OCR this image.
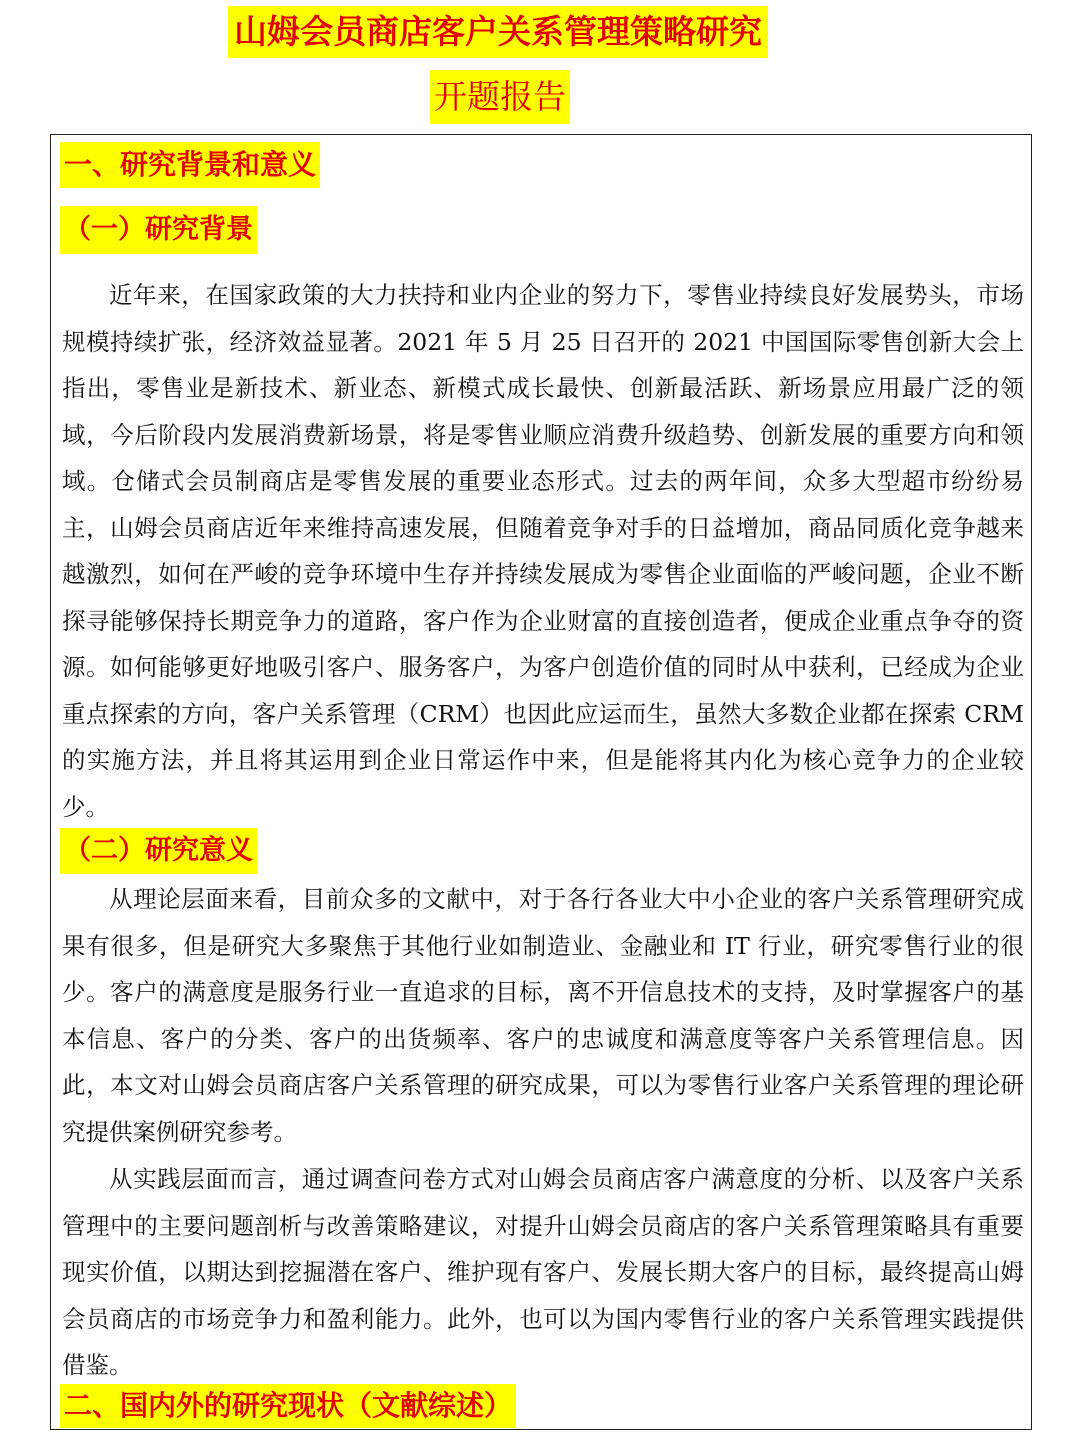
山姆会员商店客户关系管理策略研究
开题报告
一、研究背景和意义
（一）研究背景

近年来，在国家政策的大力扶持和业内企业的努力下，零售业持续良好发展势头，市场规模持续扩张，经济效益显著。2021 年 5 月 25 日召开的 2021 中国国际零售创新大会上指出，零售业是新技术、新业态、新模式成长最快、创新最活跃、新场景应用最广泛的领域，今后阶段内发展消费新场景，将是零售业顺应消费升级趋势、创新发展的重要方向和领域。仓储式会员制商店是零售发展的重要业态形式。过去的两年间，众多大型超市纷纷易主，山姆会员商店近年来维持高速发展，但随着竞争对手的日益增加，商品同质化竞争越来越激烈，如何在严峻的竞争环境中生存并持续发展成为零售企业面临的严峻问题，企业不断探寻能够保持长期竞争力的道路，客户作为企业财富的直接创造者，便成企业重点争夺的资源。如何能够更好地吸引客户、服务客户，为客户创造价值的同时从中获利，已经成为企业重点探索的方向，客户关系管理（CRM）也因此应运而生，虽然大多数企业都在探索 CRM 的实施方法，并且将其运用到企业日常运作中来，但是能将其内化为核心竞争力的企业较少。

（二）研究意义

从理论层面来看，目前众多的文献中，对于各行各业大中小企业的客户关系管理研究成果有很多，但是研究大多聚焦于其他行业如制造业、金融业和 IT 行业，研究零售行业的很少。客户的满意度是服务行业一直追求的目标，离不开信息技术的支持，及时掌握客户的基本信息、客户的分类、客户的出货频率、客户的忠诚度和满意度等客户关系管理信息。因此，本文对山姆会员商店客户关系管理的研究成果，可以为零售行业客户关系管理的理论研究提供案例研究参考。

从实践层面而言，通过调查问卷方式对山姆会员商店客户满意度的分析、以及客户关系管理中的主要问题剖析与改善策略建议，对提升山姆会员商店的客户关系管理策略具有重要现实价值，以期达到挖掘潜在客户、维护现有客户、发展长期大客户的目标，最终提高山姆会员商店的市场竞争力和盈利能力。此外，也可以为国内零售行业的客户关系管理实践提供借鉴。

二、国内外的研究现状（文献综述）
